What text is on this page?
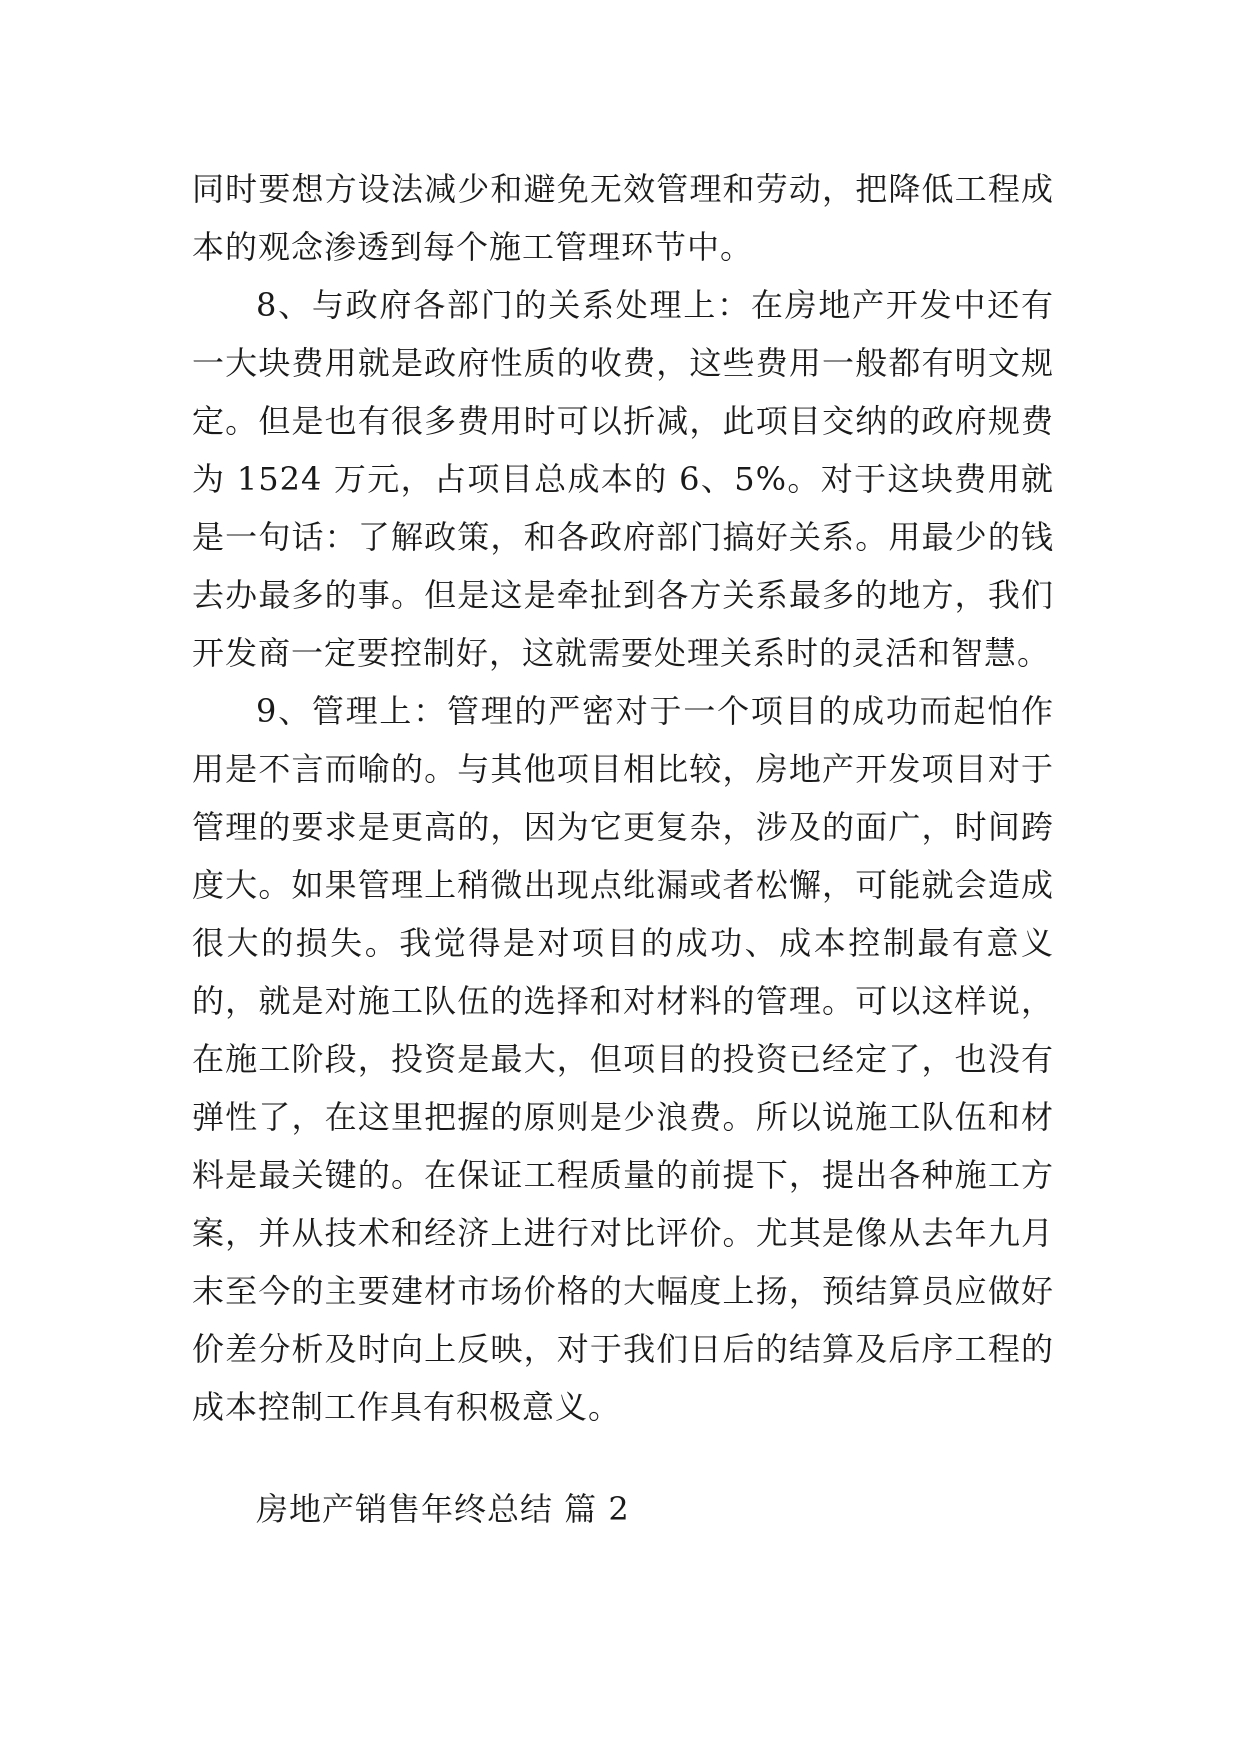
同时要想方设法减少和避免无效管理和劳动，把降低工程成本的观念渗透到每个施工管理环节中。

8、与政府各部门的关系处理上：在房地产开发中还有一大块费用就是政府性质的收费，这些费用一般都有明文规定。但是也有很多费用时可以折减，此项目交纳的政府规费为 1524 万元，占项目总成本的 6、5%。对于这块费用就是一句话：了解政策，和各政府部门搞好关系。用最少的钱去办最多的事。但是这是牵扯到各方关系最多的地方，我们开发商一定要控制好，这就需要处理关系时的灵活和智慧。

9、管理上：管理的严密对于一个项目的成功而起怕作用是不言而喻的。与其他项目相比较，房地产开发项目对于管理的要求是更高的，因为它更复杂，涉及的面广，时间跨度大。如果管理上稍微出现点纰漏或者松懈，可能就会造成很大的损失。我觉得是对项目的成功、成本控制最有意义的，就是对施工队伍的选择和对材料的管理。可以这样说，在施工阶段，投资是最大，但项目的投资已经定了，也没有弹性了，在这里把握的原则是少浪费。所以说施工队伍和材料是最关键的。在保证工程质量的前提下，提出各种施工方案，并从技术和经济上进行对比评价。尤其是像从去年九月末至今的主要建材市场价格的大幅度上扬，预结算员应做好价差分析及时向上反映，对于我们日后的结算及后序工程的成本控制工作具有积极意义。

房地产销售年终总结 篇 2
